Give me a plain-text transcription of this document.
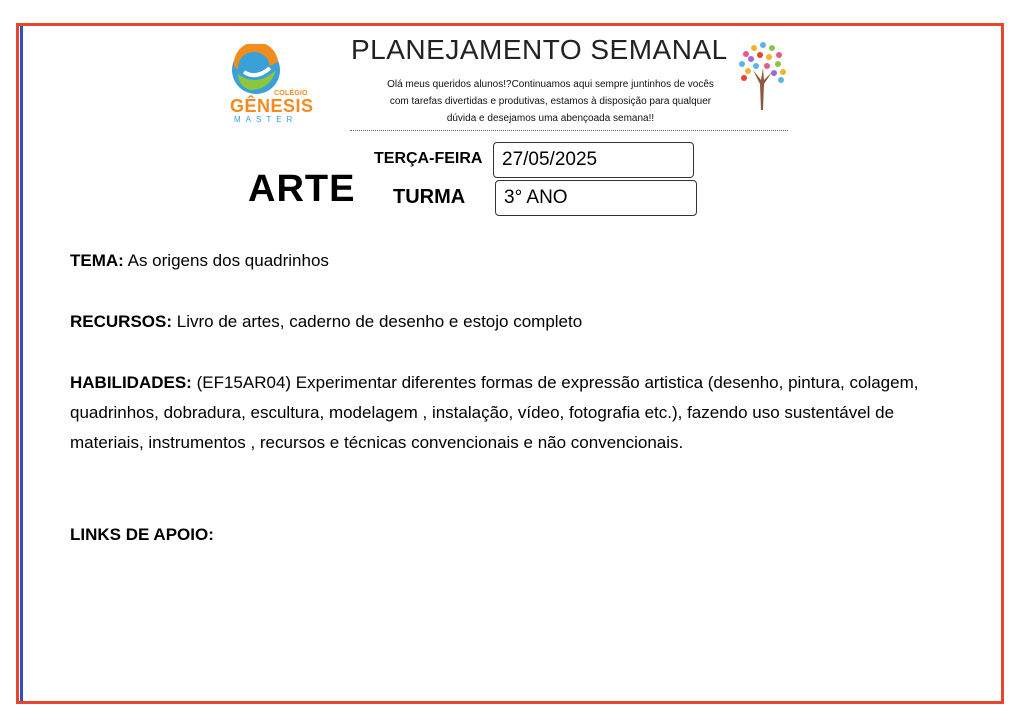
COLÉGIO
GÊNESIS
MASTER
PLANEJAMENTO SEMANAL
Olá meus queridos alunos!?Continuamos aqui sempre juntinhos de vocês com tarefas divertidas e produtivas, estamos à disposição para qualquer dúvida e desejamos uma abençoada semana!!
ARTE
TERÇA-FEIRA	27/05/2025
TURMA	3° ANO
TEMA: As origens dos quadrinhos
RECURSOS: Livro de artes, caderno de desenho e estojo completo
HABILIDADES: (EF15AR04) Experimentar diferentes formas de expressão artistica (desenho, pintura, colagem, quadrinhos, dobradura, escultura, modelagem , instalação, vídeo, fotografia etc.), fazendo uso sustentável de materiais, instrumentos , recursos e técnicas convencionais e não convencionais.
LINKS DE APOIO:
